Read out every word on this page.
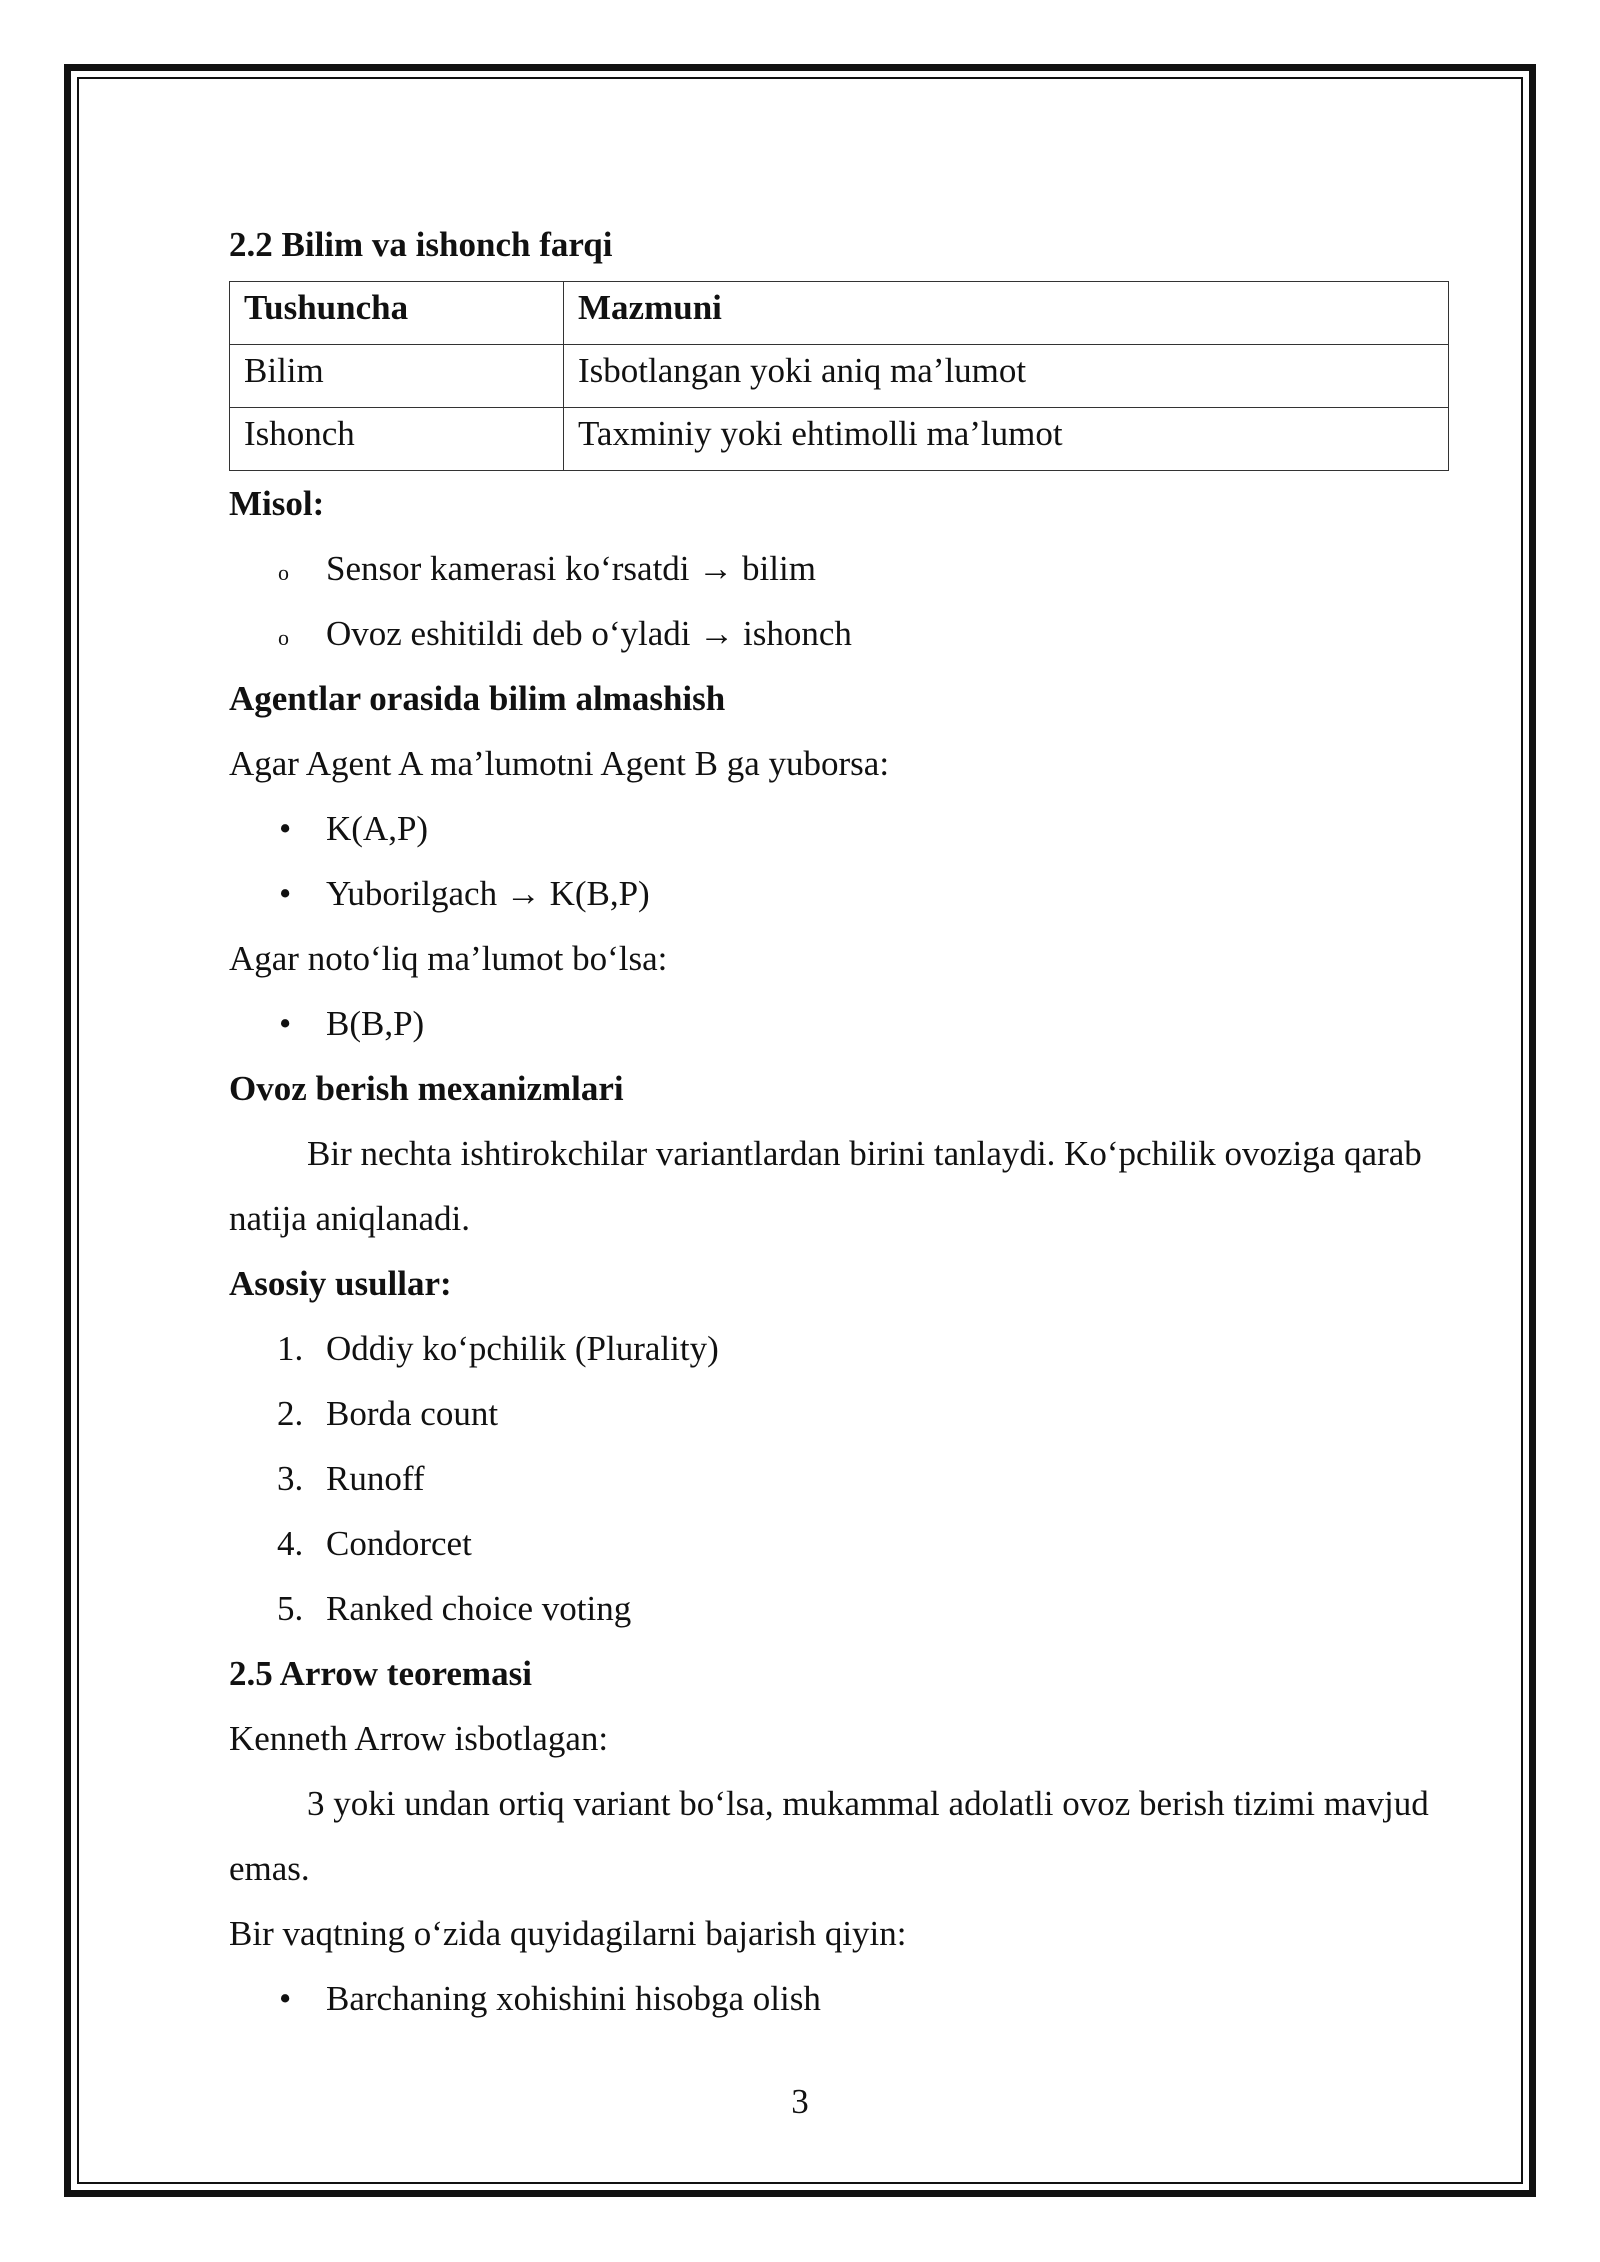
2.2 Bilim va ishonch farqi
Tushuncha	Mazmuni
Bilim	Isbotlangan yoki aniq ma’lumot
Ishonch	Taxminiy yoki ehtimolli ma’lumot
Misol:
o Sensor kamerasi ko‘rsatdi → bilim
o Ovoz eshitildi deb o‘yladi → ishonch
Agentlar orasida bilim almashish
Agar Agent A ma’lumotni Agent B ga yuborsa:
• K(A,P)
• Yuborilgach → K(B,P)
Agar noto‘liq ma’lumot bo‘lsa:
• B(B,P)
Ovoz berish mexanizmlari
Bir nechta ishtirokchilar variantlardan birini tanlaydi. Ko‘pchilik ovoziga qarab
natija aniqlanadi.
Asosiy usullar:
1. Oddiy ko‘pchilik (Plurality)
2. Borda count
3. Runoff
4. Condorcet
5. Ranked choice voting
2.5 Arrow teoremasi
Kenneth Arrow isbotlagan:
3 yoki undan ortiq variant bo‘lsa, mukammal adolatli ovoz berish tizimi mavjud
emas.
Bir vaqtning o‘zida quyidagilarni bajarish qiyin:
• Barchaning xohishini hisobga olish
3
